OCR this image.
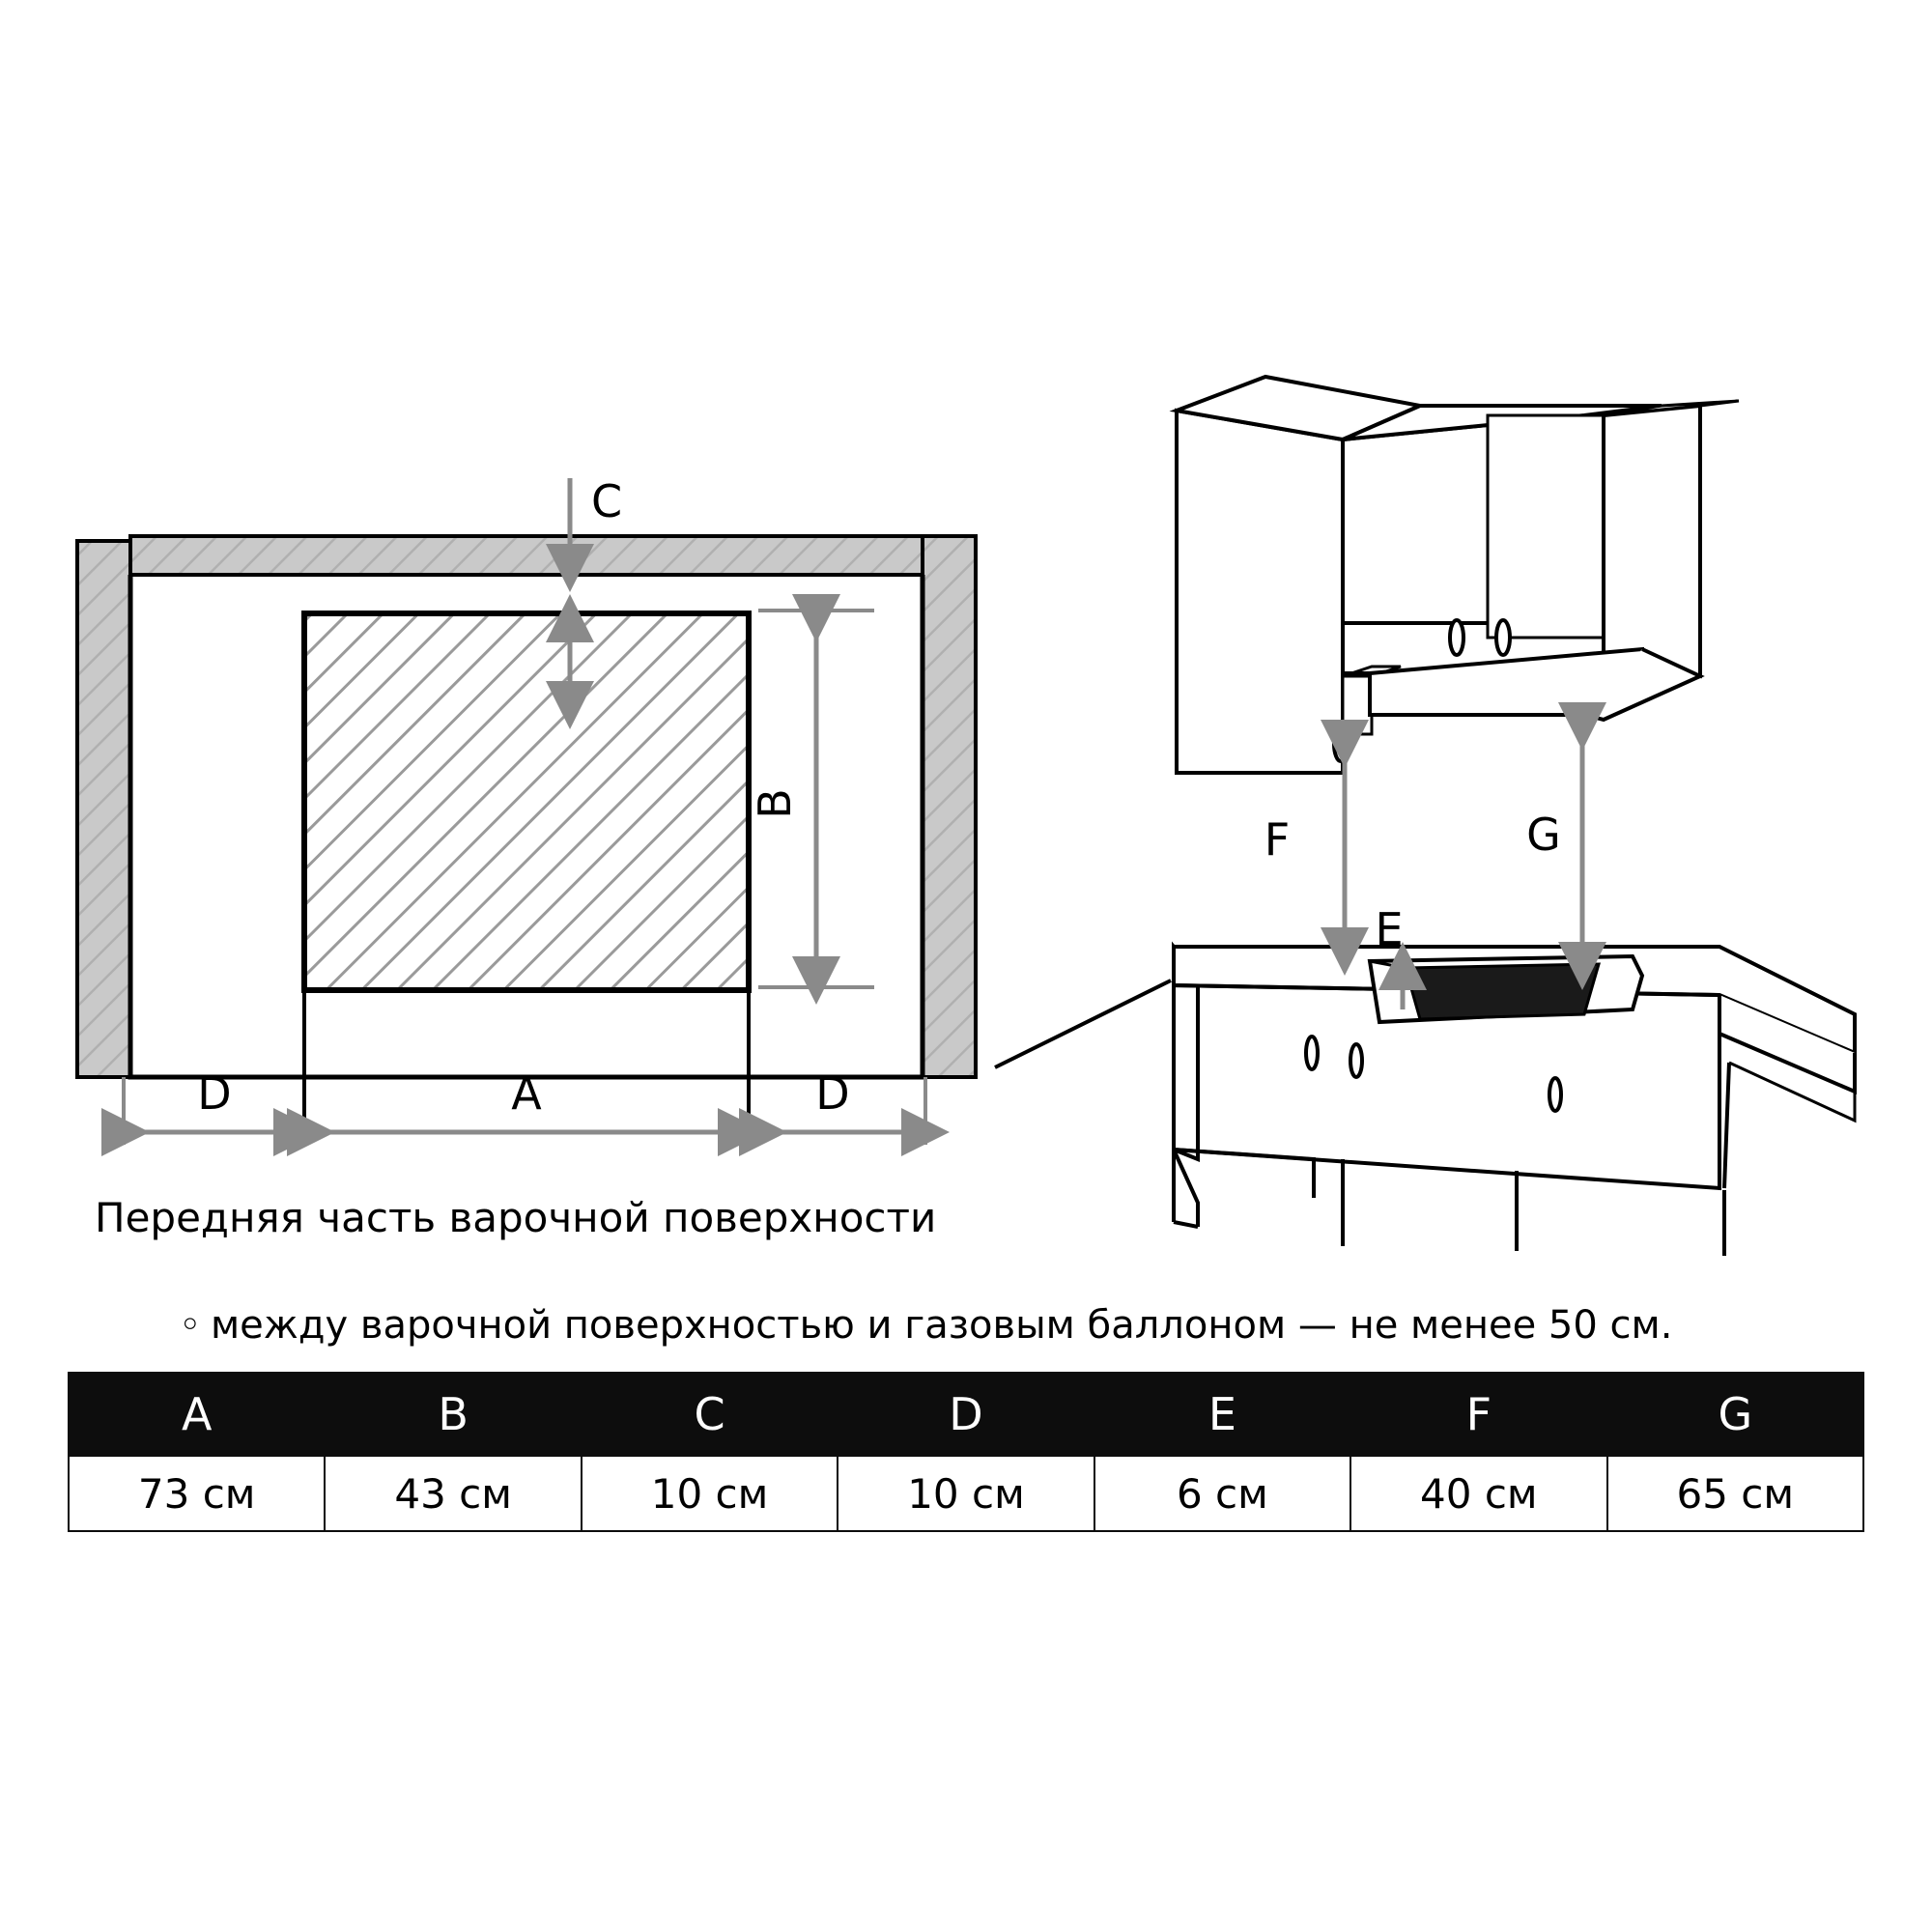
C
B
A
D	D
Передняя часть варочной поверхности
F	G
E
◦ между варочной поверхностью и газовым баллоном — не менее 50 см.
A	B	C	D	E	F	G
73 см	43 см	10 см	10 см	6 см	40 см	65 см
